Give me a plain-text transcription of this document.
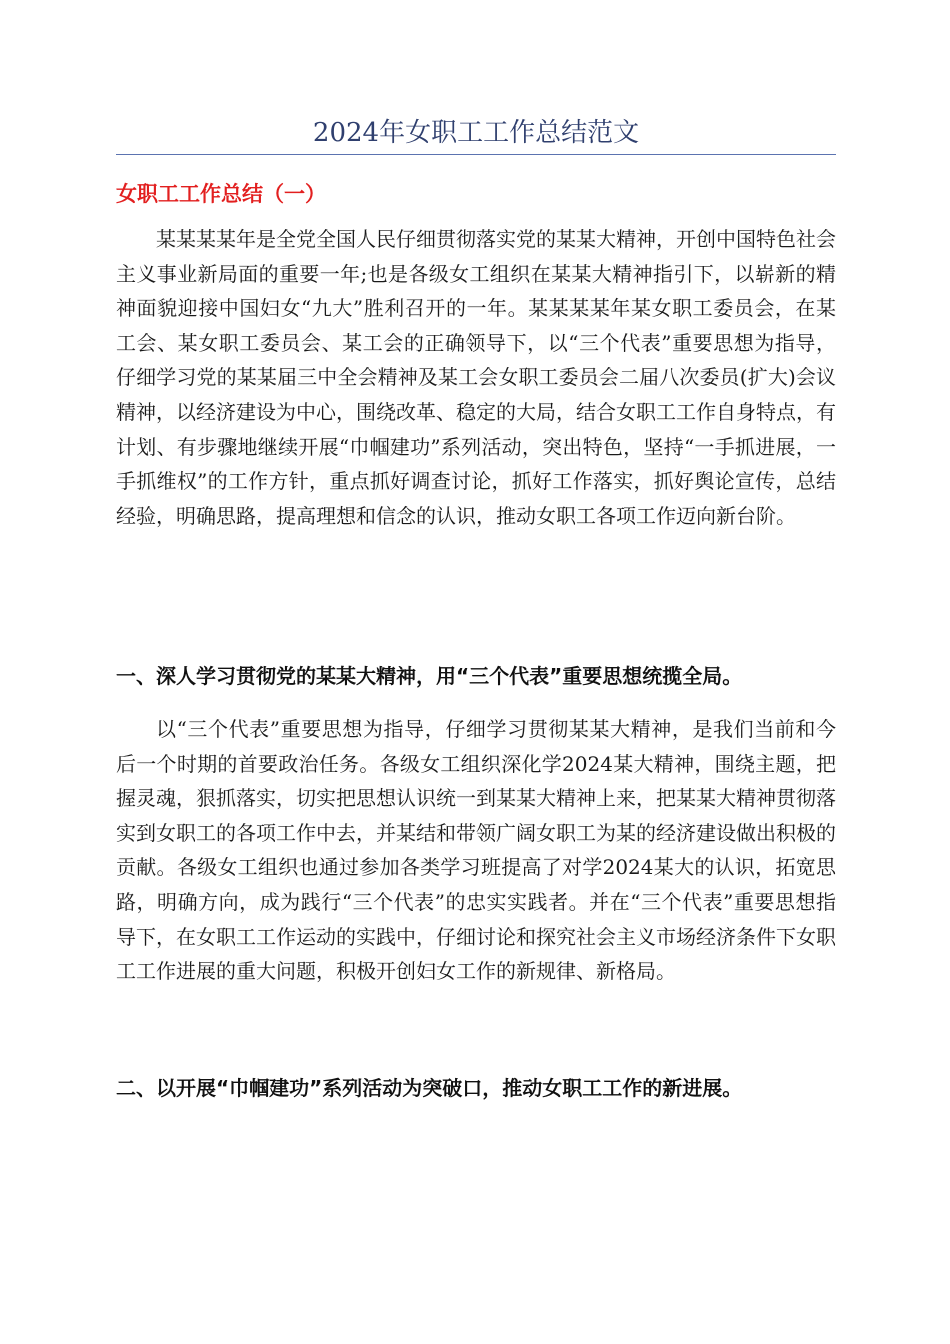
2024年女职工工作总结范文
女职工工作总结（一）

某某某某年是全党全国人民仔细贯彻落实党的某某大精神，开创中国特色社会主义事业新局面的重要一年;也是各级女工组织在某某大精神指引下，以崭新的精神面貌迎接中国妇女“九大”胜利召开的一年。某某某某年某女职工委员会，在某工会、某女职工委员会、某工会的正确领导下，以“三个代表”重要思想为指导，仔细学习党的某某届三中全会精神及某工会女职工委员会二届八次委员(扩大)会议精神，以经济建设为中心，围绕改革、稳定的大局，结合女职工工作自身特点，有计划、有步骤地继续开展“巾帼建功”系列活动，突出特色，坚持“一手抓进展，一手抓维权”的工作方针，重点抓好调查讨论，抓好工作落实，抓好舆论宣传，总结经验，明确思路，提高理想和信念的认识，推动女职工各项工作迈向新台阶。

一、深人学习贯彻党的某某大精神，用“三个代表”重要思想统揽全局。

以“三个代表”重要思想为指导，仔细学习贯彻某某大精神，是我们当前和今后一个时期的首要政治任务。各级女工组织深化学2024某大精神，围绕主题，把握灵魂，狠抓落实，切实把思想认识统一到某某大精神上来，把某某大精神贯彻落实到女职工的各项工作中去，并某结和带领广阔女职工为某的经济建设做出积极的贡献。各级女工组织也通过参加各类学习班提高了对学2024某大的认识，拓宽思路，明确方向，成为践行“三个代表”的忠实实践者。并在“三个代表”重要思想指导下，在女职工工作运动的实践中，仔细讨论和探究社会主义市场经济条件下女职工工作进展的重大问题，积极开创妇女工作的新规律、新格局。

二、以开展“巾帼建功”系列活动为突破口，推动女职工工作的新进展。
